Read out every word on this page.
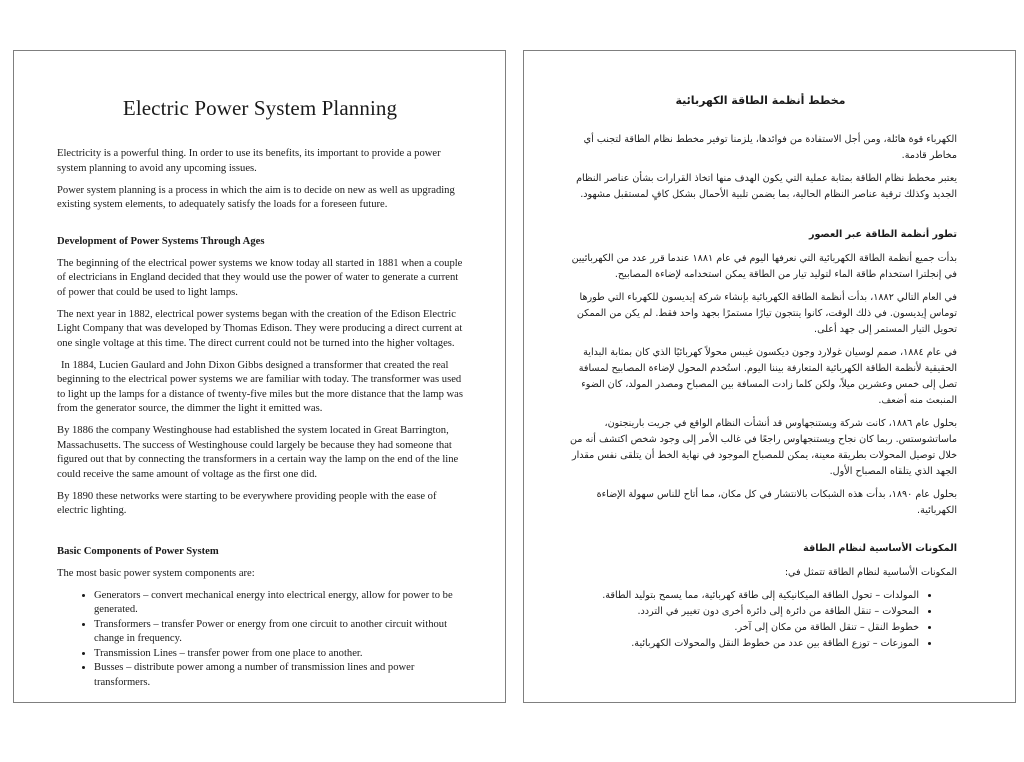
Electric Power System Planning

Electricity is a powerful thing. In order to use its benefits, its important to provide a power system planning to avoid any upcoming issues.

Power system planning is a process in which the aim is to decide on new as well as upgrading existing system elements, to adequately satisfy the loads for a foreseen future.

Development of Power Systems Through Ages

The beginning of the electrical power systems we know today all started in 1881 when a couple of electricians in England decided that they would use the power of water to generate a current of power that could be used to light lamps.

The next year in 1882, electrical power systems began with the creation of the Edison Electric Light Company that was developed by Thomas Edison. They were producing a direct current at one single voltage at this time. The direct current could not be turned into the higher voltages.

In 1884, Lucien Gaulard and John Dixon Gibbs designed a transformer that created the real beginning to the electrical power systems we are familiar with today. The transformer was used to light up the lamps for a distance of twenty-five miles but the more distance that the lamp was from the generator source, the dimmer the light it emitted was.

By 1886 the company Westinghouse had established the system located in Great Barrington, Massachusetts. The success of Westinghouse could largely be because they had someone that figured out that by connecting the transformers in a certain way the lamp on the end of the line could receive the same amount of voltage as the first one did.

By 1890 these networks were starting to be everywhere providing people with the ease of electric lighting.

Basic Components of Power System

The most basic power system components are:

• Generators – convert mechanical energy into electrical energy, allow for power to be generated.
• Transformers – transfer Power or energy from one circuit to another circuit without change in frequency.
• Transmission Lines – transfer power from one place to another.
• Busses – distribute power among a number of transmission lines and power transformers.
مخطط أنظمة الطاقة الكهربائية

الكهرباء قوة هائلة، ومن أجل الاستفادة من فوائدها، يلزمنا توفير مخطط نظام الطاقة لتجنب أي مخاطر قادمة.

يعتبر مخطط نظام الطاقة بمثابة عملية التي يكون الهدف منها اتخاذ القرارات بشأن عناصر النظام الجديد وكذلك ترقية عناصر النظام الحالية، بما يضمن تلبية الأحمال بشكل كافٍ لمستقبل مشهود.

تطور أنظمة الطاقة عبر العصور

بدأت جميع أنظمة الطاقة الكهربائية التي نعرفها اليوم في عام ١٨٨١ عندما قرر عدد من الكهربائيين في إنجلترا استخدام طاقة الماء لتوليد تيار من الطاقة يمكن استخدامه لإضاءة المصابيح.

في العام التالي ١٨٨٢، بدأت أنظمة الطاقة الكهربائية بإنشاء شركة إيديسون للكهرباء التي طورها توماس إيديسون. في ذلك الوقت، كانوا ينتجون تيارًا مستمرًا بجهد واحد فقط. لم يكن من الممكن تحويل التيار المستمر إلى جهد أعلى.

في عام ١٨٨٤، صمم لوسيان غولارد وجون ديكسون غيبس محولاً كهربائيًا الذي كان بمثابة البداية الحقيقية لأنظمة الطاقة الكهربائية المتعارفة بيننا اليوم. استُخدم المحول لإضاءة المصابيح لمسافة تصل إلى خمس وعشرين ميلاً، ولكن كلما زادت المسافة بين المصباح ومصدر المولد، كان الضوء المنبعث منه أضعف.

بحلول عام ١٨٨٦، كانت شركة ويستنجهاوس قد أنشأت النظام الواقع في جريت بارينجتون، ماساتشوستس. ربما كان نجاح ويستنجهاوس راجعًا في غالب الأمر إلى وجود شخص اكتشف أنه من خلال توصيل المحولات بطريقة معينة، يمكن للمصباح الموجود في نهاية الخط أن يتلقى نفس مقدار الجهد الذي يتلقاه المصباح الأول.

بحلول عام ١٨٩٠، بدأت هذه الشبكات بالانتشار في كل مكان، مما أتاح للناس سهولة الإضاءة الكهربائية.

المكونات الأساسية لنظام الطاقة

المكونات الأساسية لنظام الطاقة تتمثل في:

• المولدات – تحول الطاقة الميكانيكية إلى طاقة كهربائية، مما يسمح بتوليد الطاقة.
• المحولات – تنقل الطاقة من دائرة إلى دائرة أخرى دون تغيير في التردد.
• خطوط النقل – تنقل الطاقة من مكان إلى آخر.
• الموزعات – توزع الطاقة بين عدد من خطوط النقل والمحولات الكهربائية.
